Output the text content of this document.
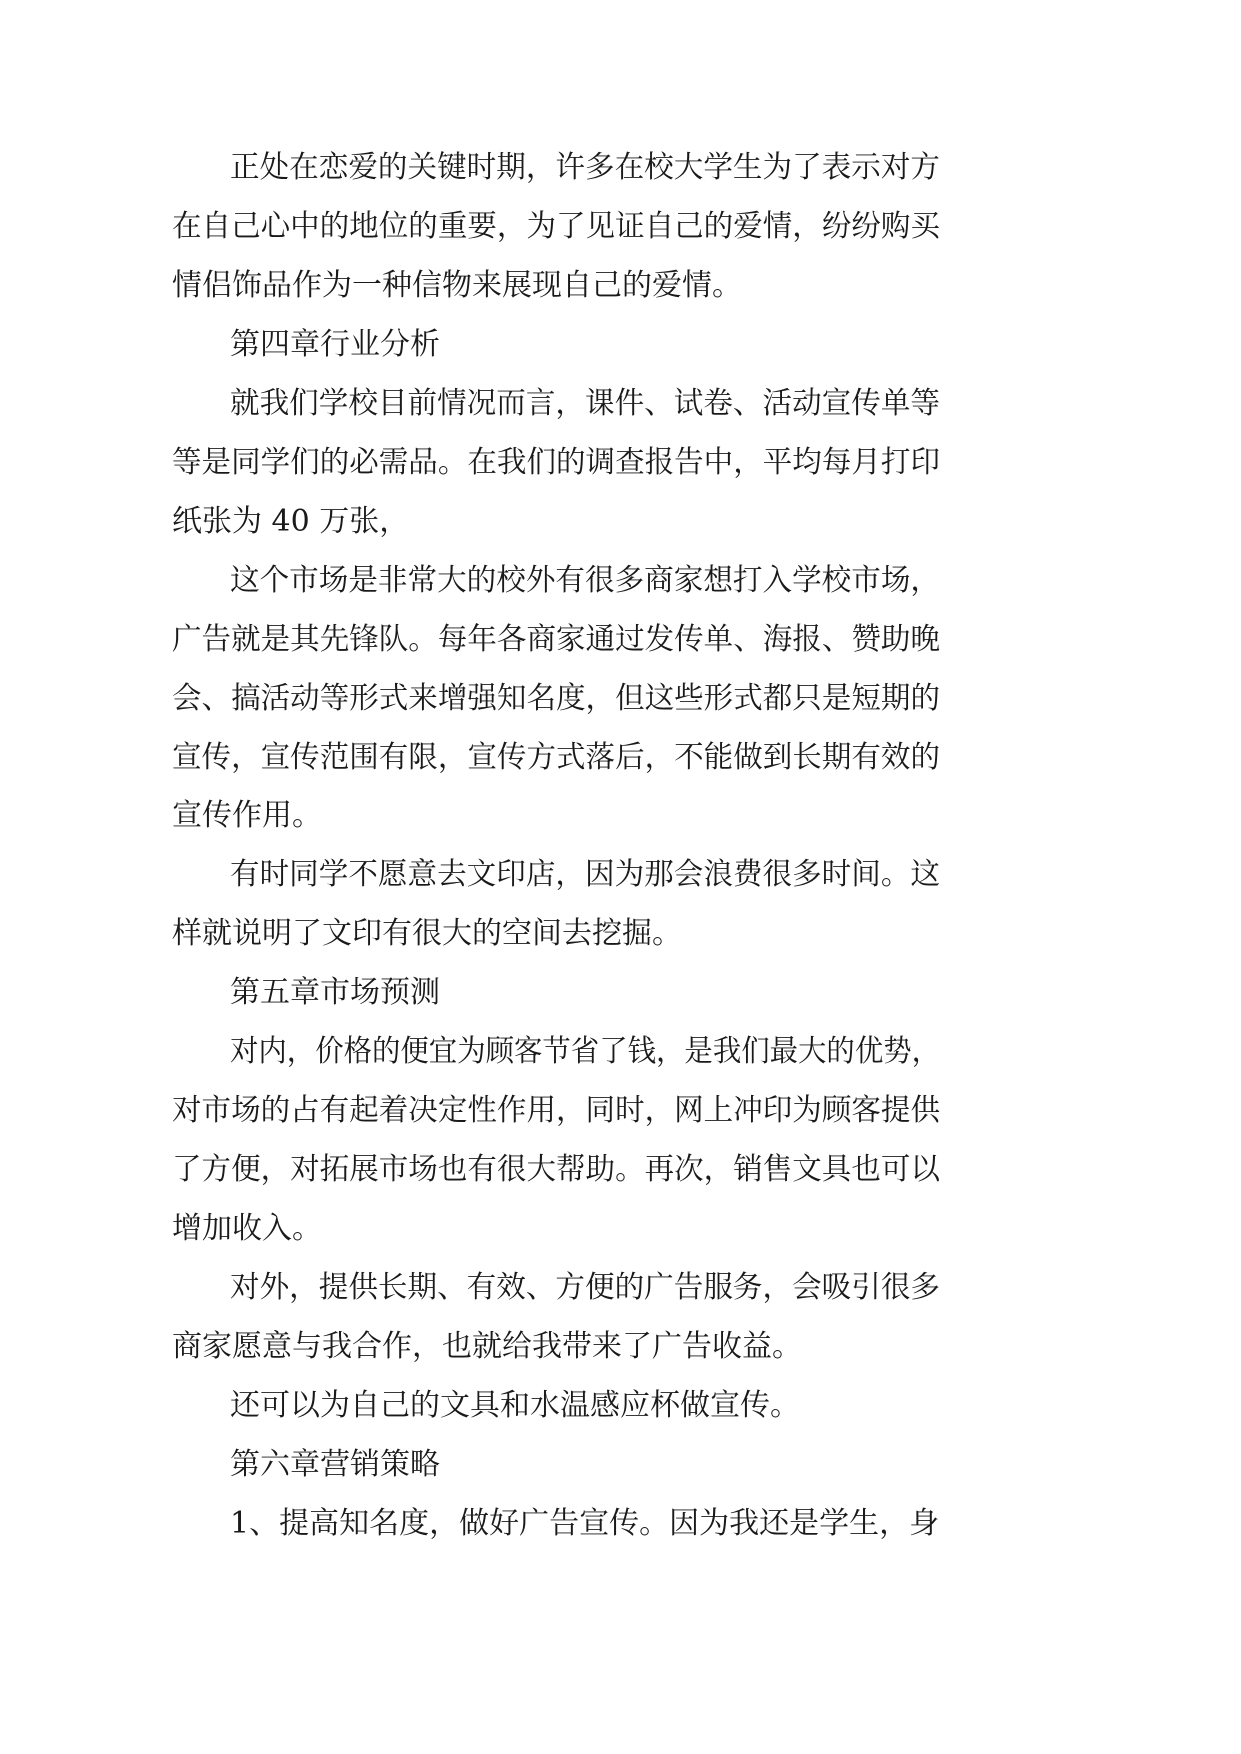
正处在恋爱的关键时期，许多在校大学生为了表示对方
在自己心中的地位的重要，为了见证自己的爱情，纷纷购买
情侣饰品作为一种信物来展现自己的爱情。
第四章行业分析
就我们学校目前情况而言，课件、试卷、活动宣传单等
等是同学们的必需品。在我们的调查报告中，平均每月打印
纸张为 40 万张，
这个市场是非常大的校外有很多商家想打入学校市场，
广告就是其先锋队。每年各商家通过发传单、海报、赞助晚
会、搞活动等形式来增强知名度，但这些形式都只是短期的
宣传，宣传范围有限，宣传方式落后，不能做到长期有效的
宣传作用。
有时同学不愿意去文印店，因为那会浪费很多时间。这
样就说明了文印有很大的空间去挖掘。
第五章市场预测
对内，价格的便宜为顾客节省了钱，是我们最大的优势，
对市场的占有起着决定性作用，同时，网上冲印为顾客提供
了方便，对拓展市场也有很大帮助。再次，销售文具也可以
增加收入。
对外，提供长期、有效、方便的广告服务，会吸引很多
商家愿意与我合作，也就给我带来了广告收益。
还可以为自己的文具和水温感应杯做宣传。
第六章营销策略
1、提高知名度，做好广告宣传。因为我还是学生，身
